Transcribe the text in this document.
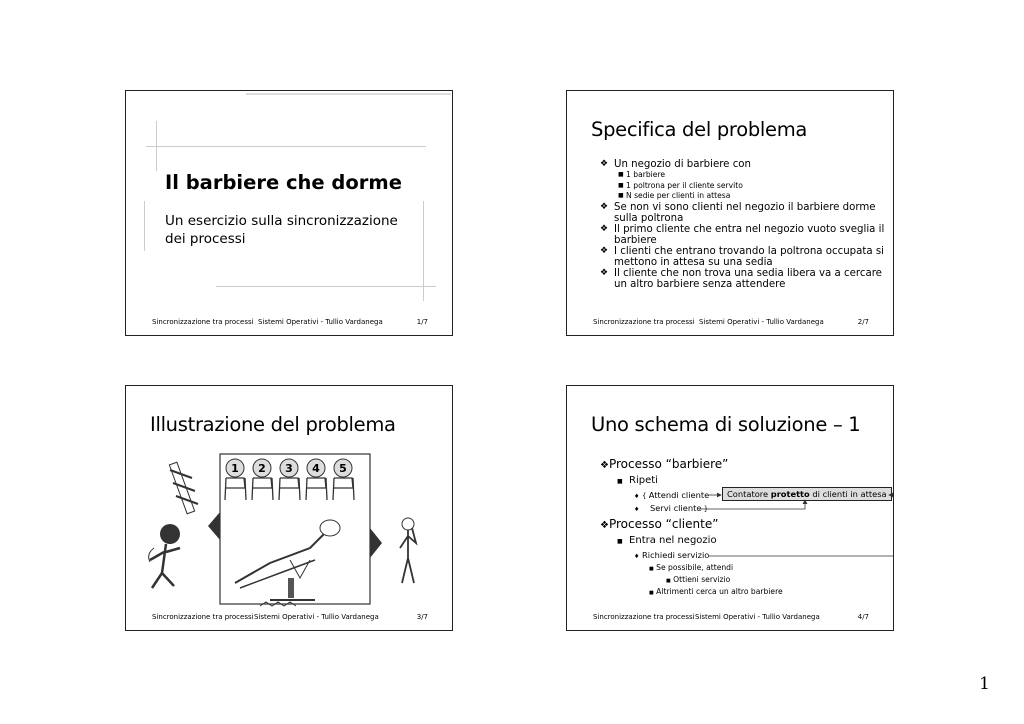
Il barbiere che dorme
Un esercizio sulla sincronizzazione
dei processi
Sincronizzazione tra processi Sistemi Operativi - Tullio Vardanega	1/7
Specifica del problema
❖ Un negozio di barbiere con
■ 1 barbiere
■ 1 poltrona per il cliente servito
■ N sedie per clienti in attesa
❖ Se non vi sono clienti nel negozio il barbiere dorme
sulla poltrona
❖ Il primo cliente che entra nel negozio vuoto sveglia il
barbiere
❖ I clienti che entrano trovando la poltrona occupata si
mettono in attesa su una sedia
❖ Il cliente che non trova una sedia libera va a cercare
un altro barbiere senza attendere
Sincronizzazione tra processi Sistemi Operativi - Tullio Vardanega	2/7
Illustrazione del problema
1 2 3 4 5
Sincronizzazione tra processi Sistemi Operativi - Tullio Vardanega	3/7
Uno schema di soluzione – 1
❖Processo “barbiere”
■ Ripeti
♦ { Attendi cliente
♦ Servi cliente }
Contatore protetto di clienti in attesa
❖Processo “cliente”
■ Entra nel negozio
♦ Richiedi servizio
■ Se possibile, attendi
■ Ottieni servizio
■ Altrimenti cerca un altro barbiere
Sincronizzazione tra processi Sistemi Operativi - Tullio Vardanega	4/7
1
